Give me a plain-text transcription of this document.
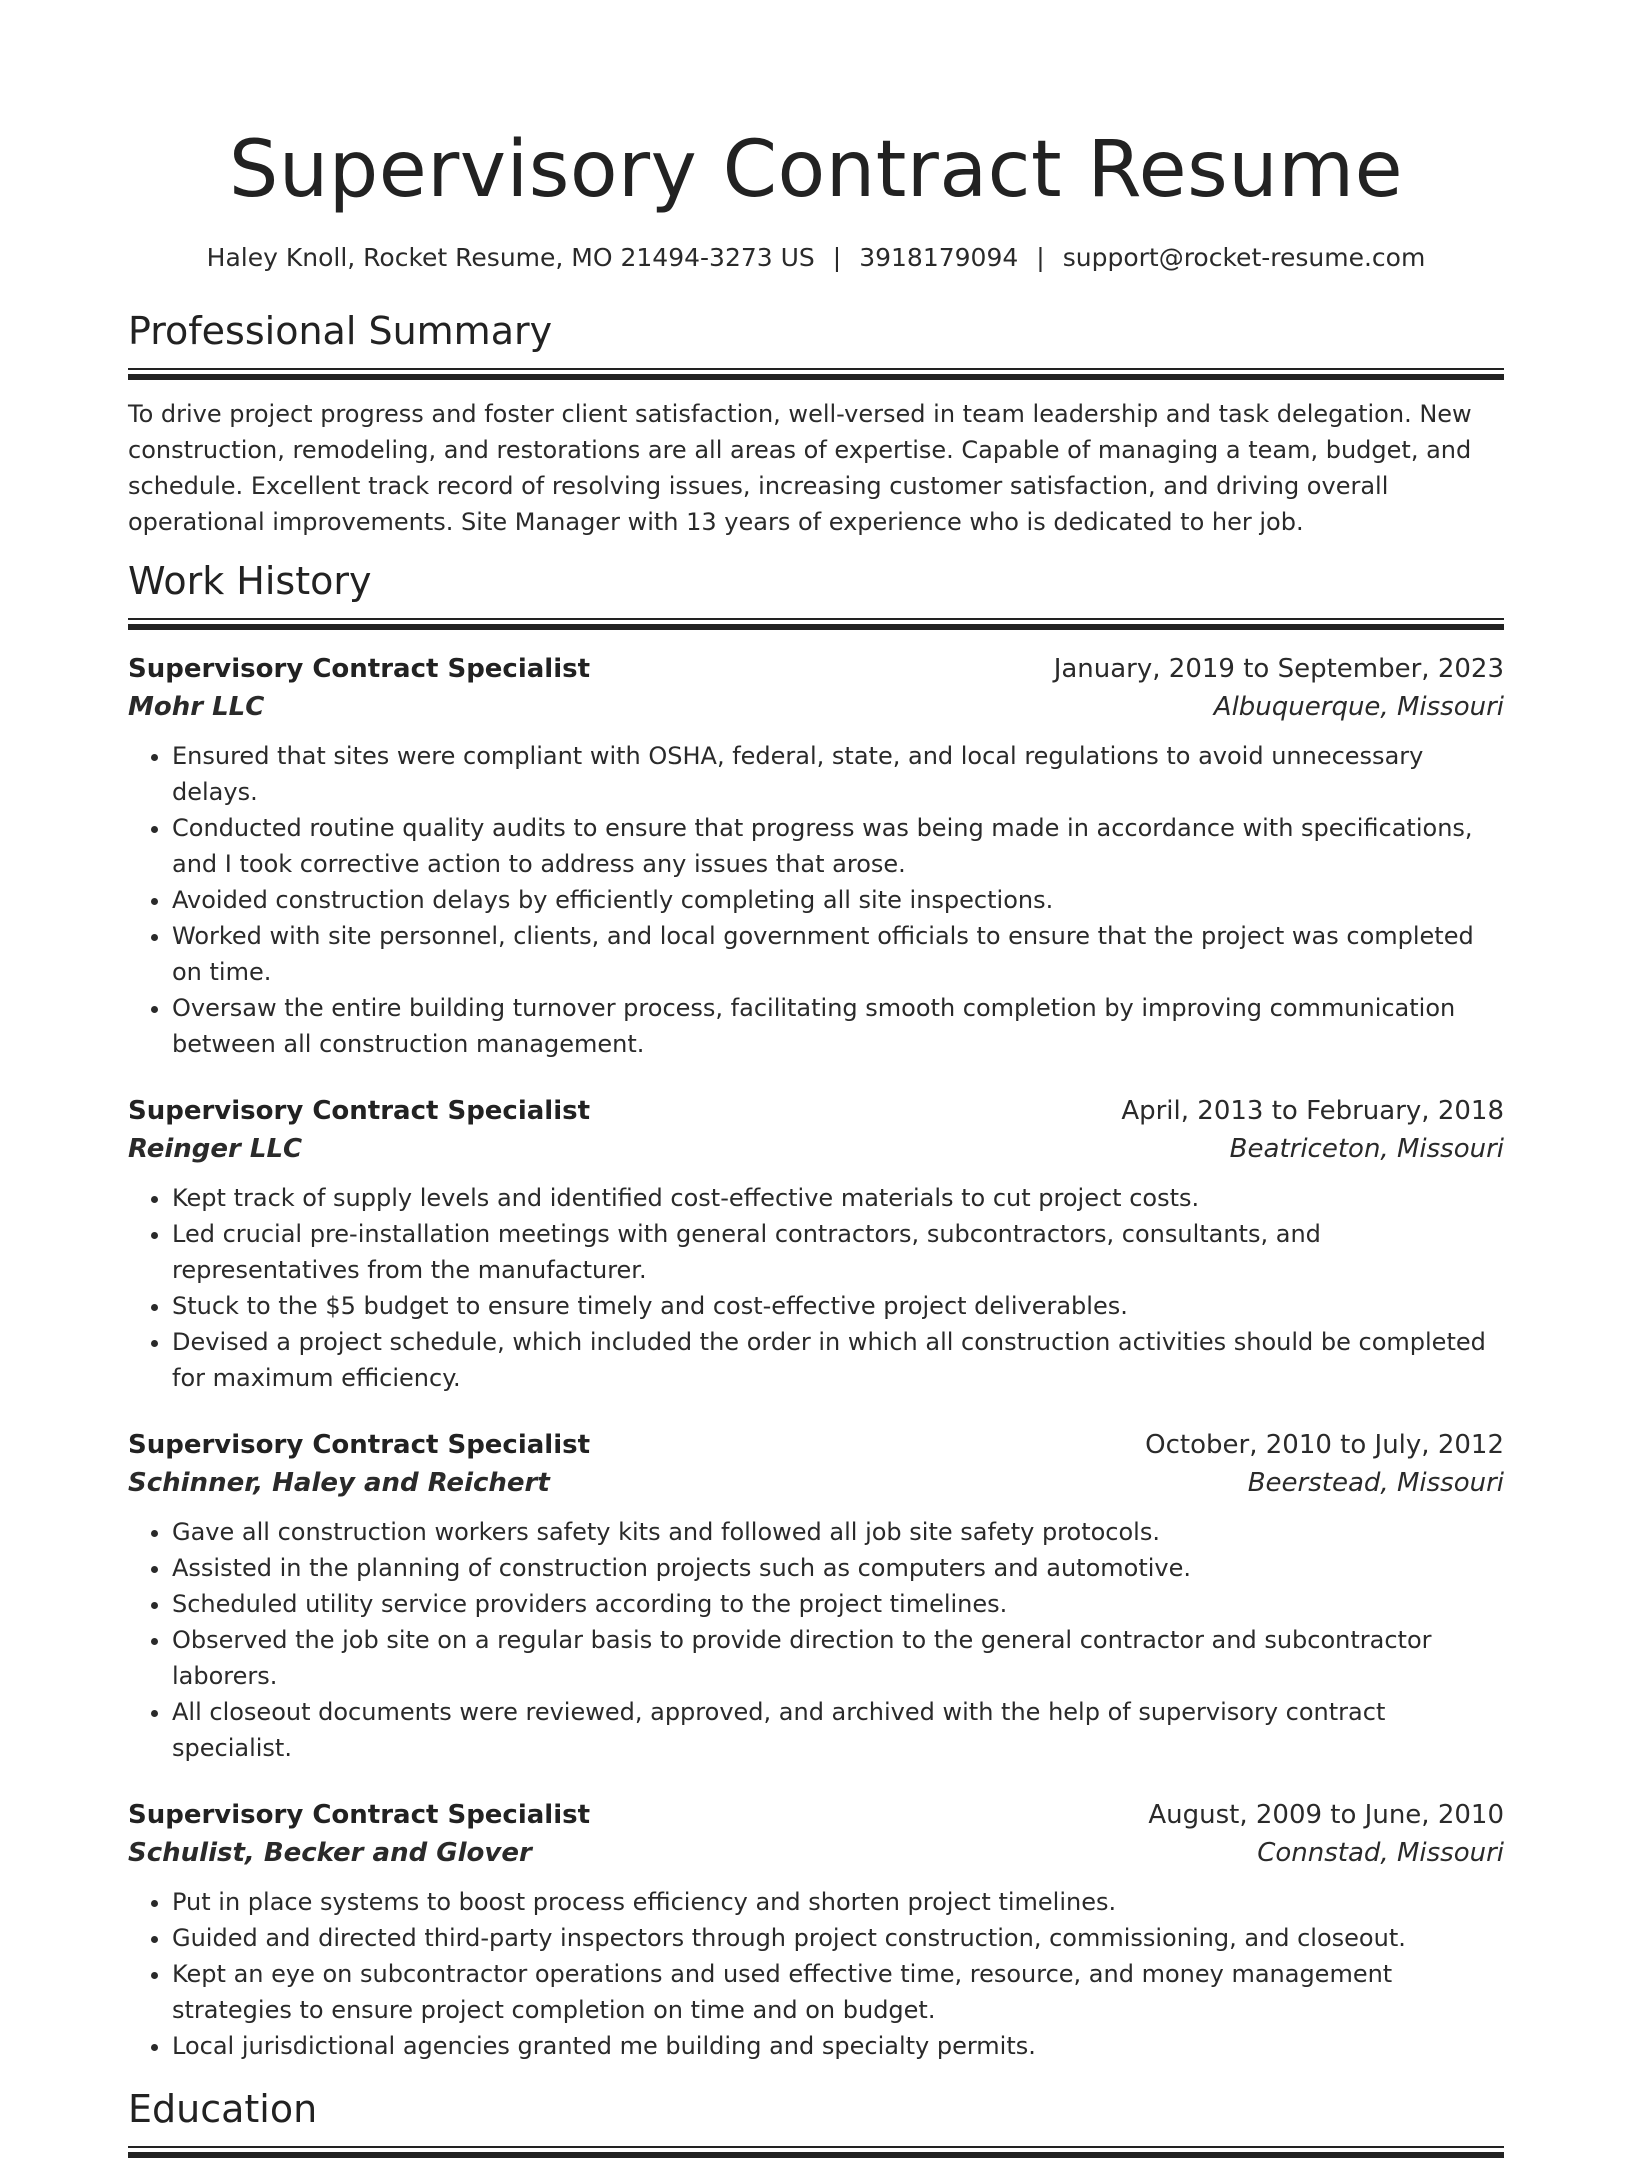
Supervisory Contract Resume
Haley Knoll, Rocket Resume, MO 21494-3273 US | 3918179094 | support@rocket-resume.com
Professional Summary

To drive project progress and foster client satisfaction, well-versed in team leadership and task delegation. New construction, remodeling, and restorations are all areas of expertise. Capable of managing a team, budget, and schedule. Excellent track record of resolving issues, increasing customer satisfaction, and driving overall operational improvements. Site Manager with 13 years of experience who is dedicated to her job.

Work History
Supervisory Contract Specialist	January, 2019 to September, 2023
Mohr LLC	Albuquerque, Missouri
• Ensured that sites were compliant with OSHA, federal, state, and local regulations to avoid unnecessary delays.
• Conducted routine quality audits to ensure that progress was being made in accordance with specifications, and I took corrective action to address any issues that arose.
• Avoided construction delays by efficiently completing all site inspections.
• Worked with site personnel, clients, and local government officials to ensure that the project was completed on time.
• Oversaw the entire building turnover process, facilitating smooth completion by improving communication between all construction management.
Supervisory Contract Specialist	April, 2013 to February, 2018
Reinger LLC	Beatriceton, Missouri
• Kept track of supply levels and identified cost-effective materials to cut project costs.
• Led crucial pre-installation meetings with general contractors, subcontractors, consultants, and representatives from the manufacturer.
• Stuck to the $5 budget to ensure timely and cost-effective project deliverables.
• Devised a project schedule, which included the order in which all construction activities should be completed for maximum efficiency.
Supervisory Contract Specialist	October, 2010 to July, 2012
Schinner, Haley and Reichert	Beerstead, Missouri
• Gave all construction workers safety kits and followed all job site safety protocols.
• Assisted in the planning of construction projects such as computers and automotive.
• Scheduled utility service providers according to the project timelines.
• Observed the job site on a regular basis to provide direction to the general contractor and subcontractor laborers.
• All closeout documents were reviewed, approved, and archived with the help of supervisory contract specialist.
Supervisory Contract Specialist	August, 2009 to June, 2010
Schulist, Becker and Glover	Connstad, Missouri
• Put in place systems to boost process efficiency and shorten project timelines.
• Guided and directed third-party inspectors through project construction, commissioning, and closeout.
• Kept an eye on subcontractor operations and used effective time, resource, and money management strategies to ensure project completion on time and on budget.
• Local jurisdictional agencies granted me building and specialty permits.
Education
